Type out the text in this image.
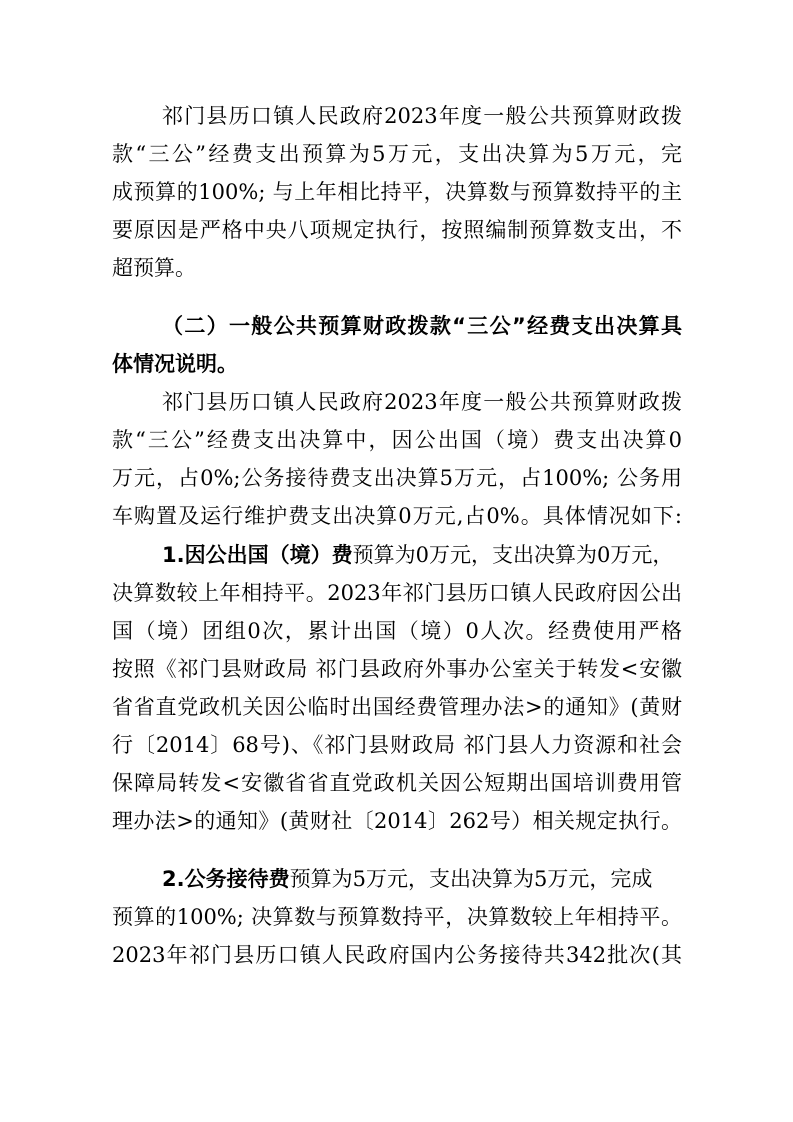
祁门县历口镇人民政府2023年度一般公共预算财政拨
款“三公”经费支出预算为5万元，支出决算为5万元，完
成预算的100%; 与上年相比持平，决算数与预算数持平的主
要原因是严格中央八项规定执行，按照编制预算数支出，不
超预算。
（二）一般公共预算财政拨款“三公”经费支出决算具
体情况说明。
祁门县历口镇人民政府2023年度一般公共预算财政拨
款“三公”经费支出决算中，因公出国（境）费支出决算0
万元，占0%;公务接待费支出决算5万元，占100%; 公务用
车购置及运行维护费支出决算0万元,占0%。具体情况如下:
1.因公出国（境）费预算为0万元，支出决算为0万元，
决算数较上年相持平。2023年祁门县历口镇人民政府因公出
国（境）团组0次，累计出国（境）0人次。经费使用严格
按照《祁门县财政局 祁门县政府外事办公室关于转发<安徽
省省直党政机关因公临时出国经费管理办法>的通知》(黄财
行〔2014〕68号)、《祁门县财政局 祁门县人力资源和社会
保障局转发<安徽省省直党政机关因公短期出国培训费用管
理办法>的通知》(黄财社〔2014〕262号）相关规定执行。
2.公务接待费预算为5万元，支出决算为5万元，完成
预算的100%; 决算数与预算数持平，决算数较上年相持平。
2023年祁门县历口镇人民政府国内公务接待共342批次(其
